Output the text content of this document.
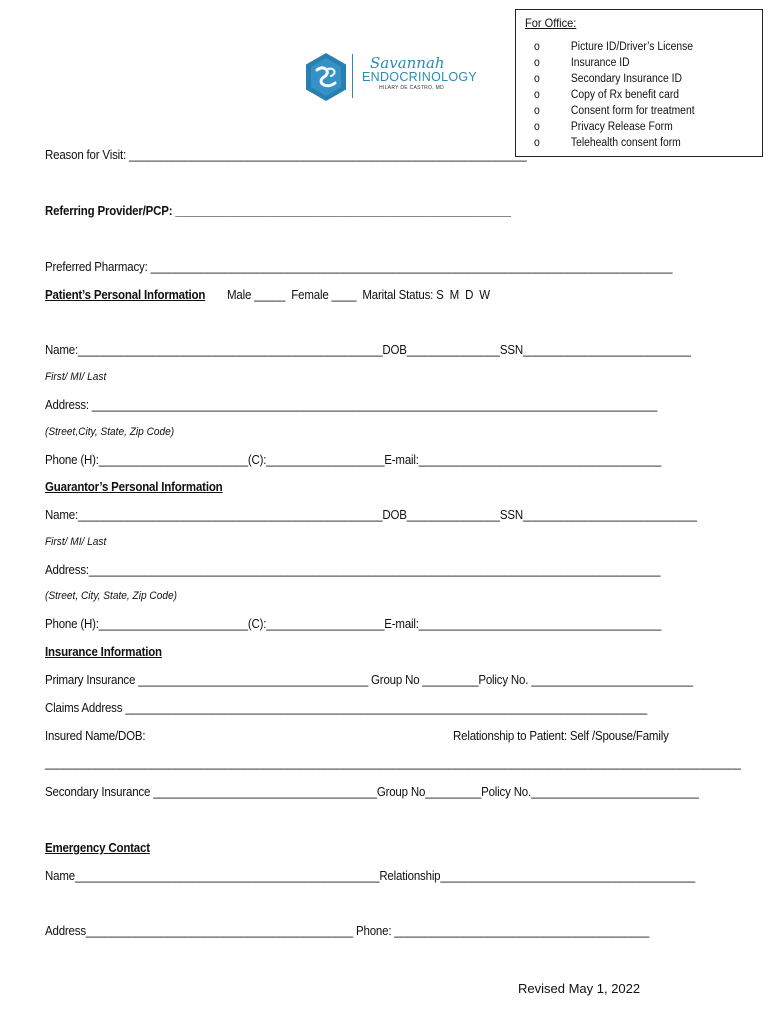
For Office:
o	Picture ID/Driver’s License
o	Insurance ID
o	Secondary Insurance ID
o	Copy of Rx benefit card
o	Consent form for treatment
o	Privacy Release Form
o	Telehealth consent form
Savannah
ENDOCRINOLOGY
HILARY DE CASTRO, MD
Reason for Visit: ________________________________________________________________
Referring Provider/PCP: ______________________________________________________
Preferred Pharmacy: ____________________________________________________________________________________
Patient’s Personal Information Male _____  Female ____  Marital Status: S  M  D  W
Name:_________________________________________________DOB_______________SSN___________________________
First/ MI/ Last
Address: ___________________________________________________________________________________________
(Street,City, State, Zip Code)
Phone (H):________________________(C):___________________E-mail:_______________________________________
Guarantor’s Personal Information
Name:_________________________________________________DOB_______________SSN____________________________
First/ MI/ Last
Address:____________________________________________________________________________________________
(Street, City, State, Zip Code)
Phone (H):________________________(C):___________________E-mail:_______________________________________
Insurance Information
Primary Insurance _____________________________________ Group No _________Policy No. __________________________
Claims Address ____________________________________________________________________________________
Insured Name/DOB:	Relationship to Patient: Self /Spouse/Family
________________________________________________________________________________________________________________
Secondary Insurance ____________________________________Group No_________Policy No.___________________________
Emergency Contact
Name_________________________________________________Relationship_________________________________________
Address___________________________________________ Phone: _________________________________________
Revised May 1, 2022
